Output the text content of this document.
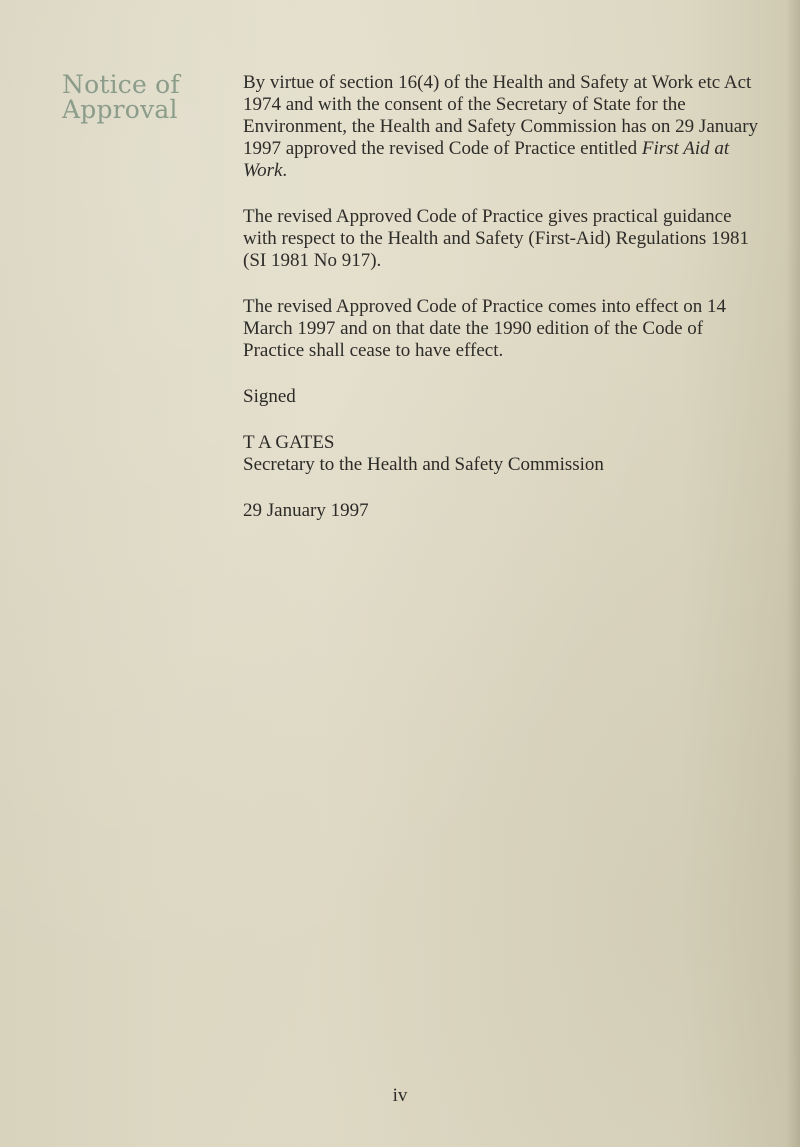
Notice of
Approval

By virtue of section 16(4) of the Health and Safety at Work etc Act 1974 and with the consent of the Secretary of State for the Environment, the Health and Safety Commission has on 29 January 1997 approved the revised Code of Practice entitled First Aid at Work.

The revised Approved Code of Practice gives practical guidance with respect to the Health and Safety (First-Aid) Regulations 1981 (SI 1981 No 917).

The revised Approved Code of Practice comes into effect on 14 March 1997 and on that date the 1990 edition of the Code of Practice shall cease to have effect.

Signed

T A GATES
Secretary to the Health and Safety Commission

29 January 1997

iv
